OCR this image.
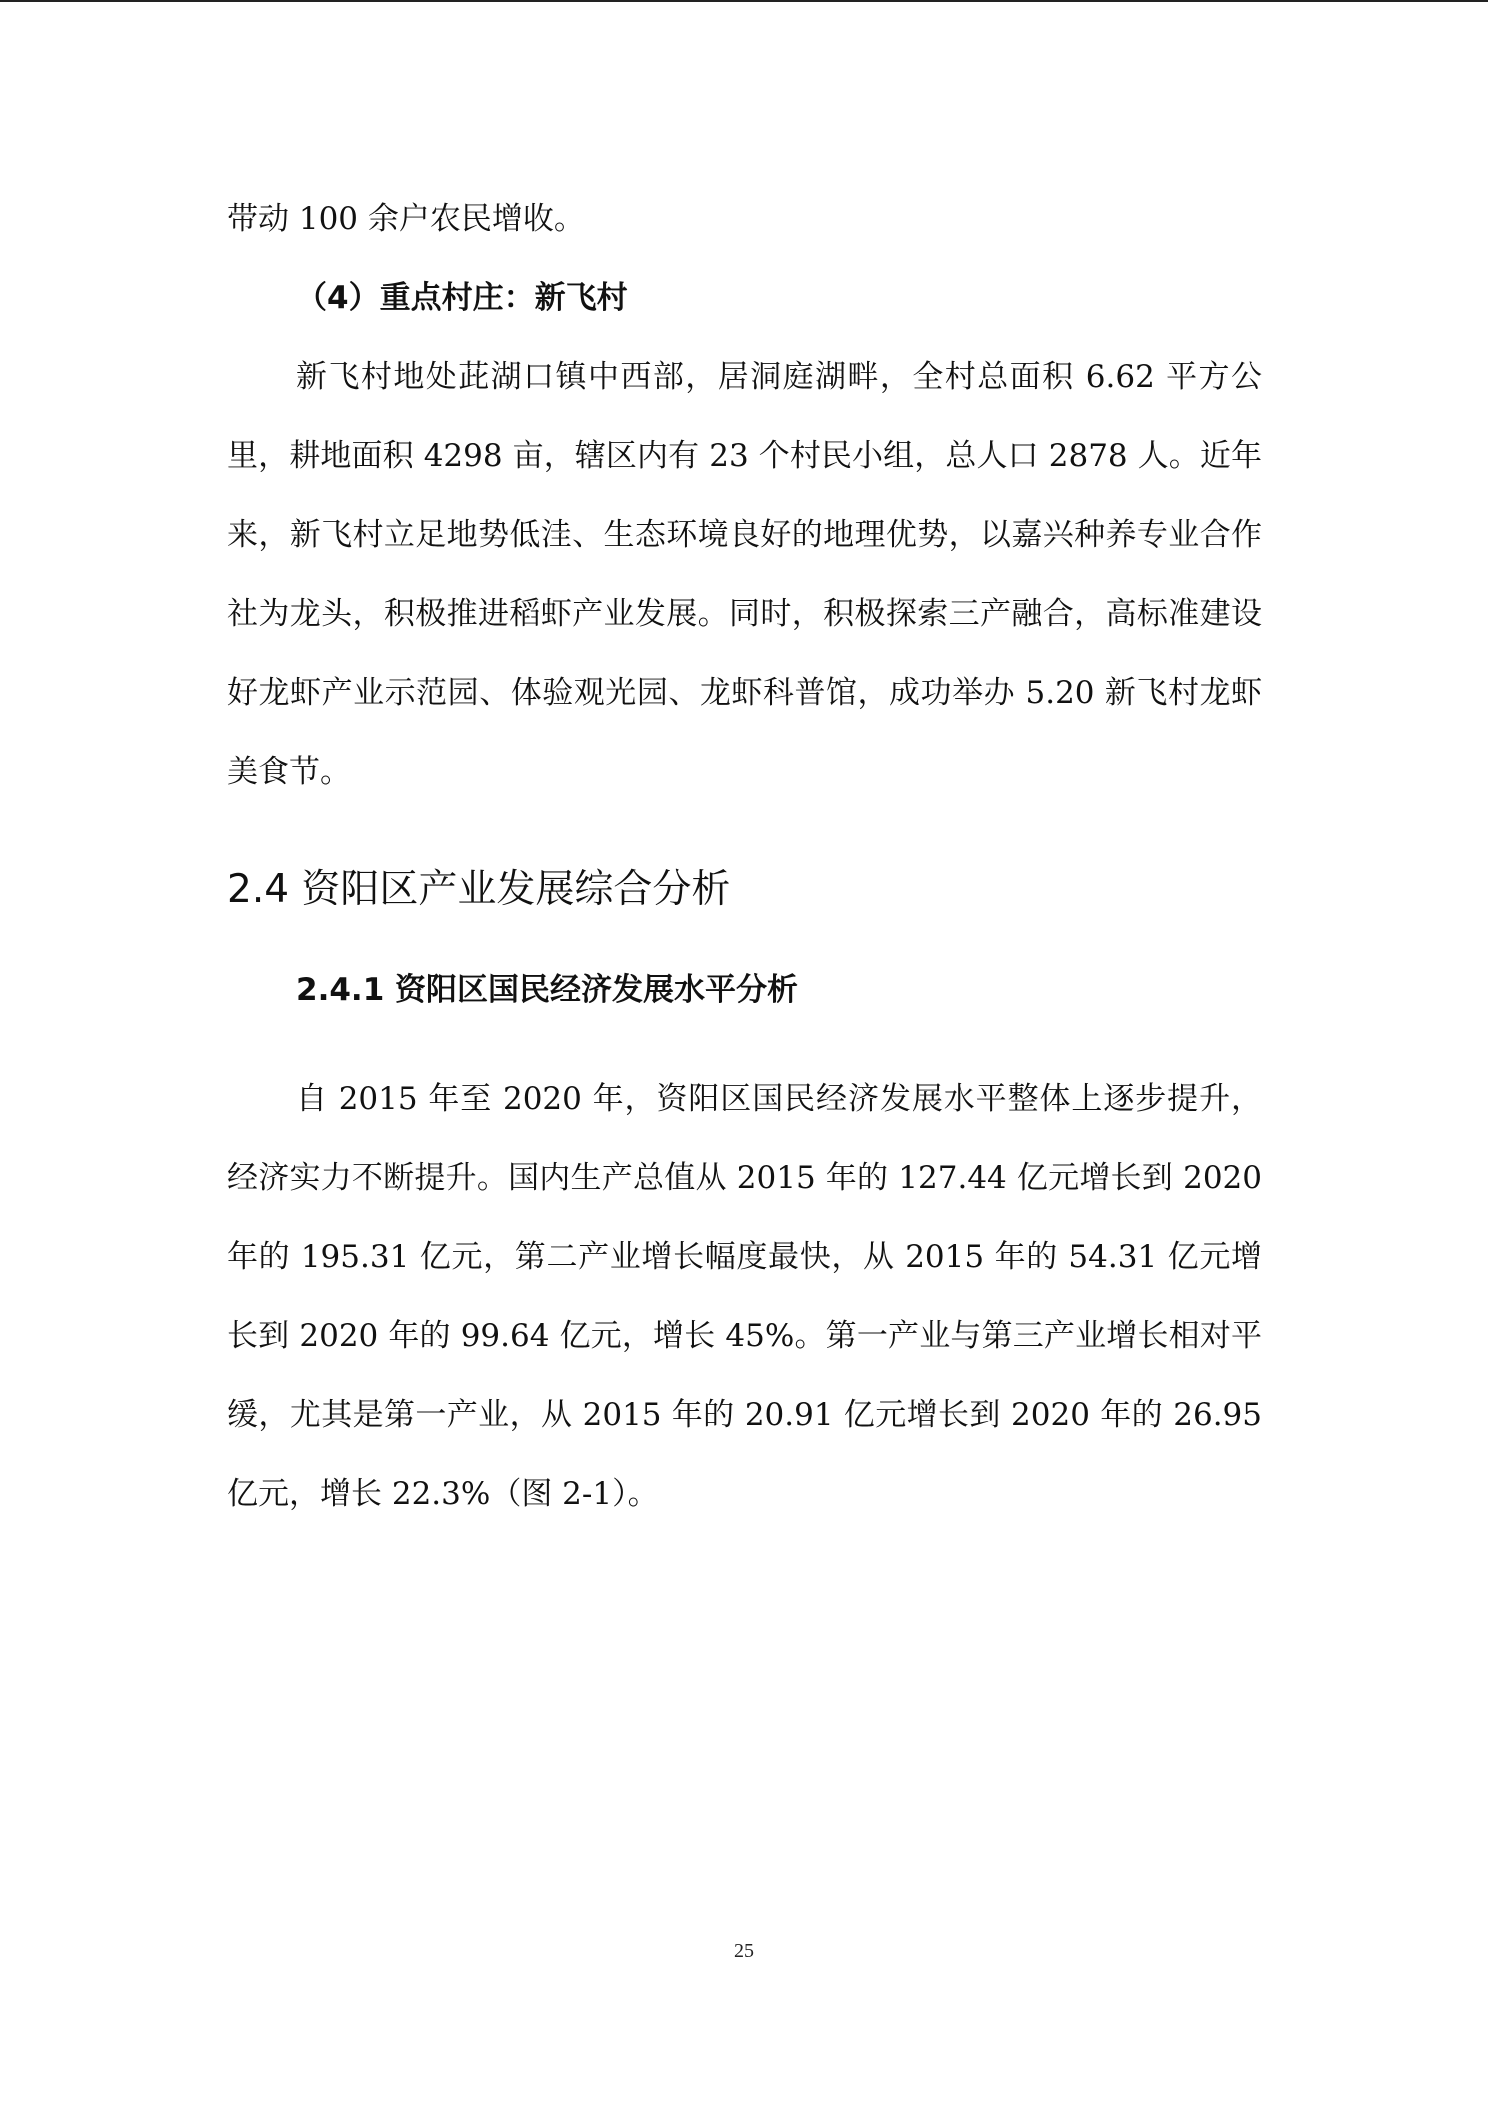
带动 100 余户农民增收。

（4）重点村庄：新飞村

新飞村地处茈湖口镇中西部，居洞庭湖畔，全村总面积 6.62 平方公里，耕地面积 4298 亩，辖区内有 23 个村民小组，总人口 2878 人。近年来，新飞村立足地势低洼、生态环境良好的地理优势，以嘉兴种养专业合作社为龙头，积极推进稻虾产业发展。同时，积极探索三产融合，高标准建设好龙虾产业示范园、体验观光园、龙虾科普馆，成功举办 5.20 新飞村龙虾美食节。

2.4 资阳区产业发展综合分析
2.4.1 资阳区国民经济发展水平分析

自 2015 年至 2020 年，资阳区国民经济发展水平整体上逐步提升，经济实力不断提升。国内生产总值从 2015 年的 127.44 亿元增长到 2020 年的 195.31 亿元，第二产业增长幅度最快，从 2015 年的 54.31 亿元增长到 2020 年的 99.64 亿元，增长 45%。第一产业与第三产业增长相对平缓，尤其是第一产业，从 2015 年的 20.91 亿元增长到 2020 年的 26.95 亿元，增长 22.3%（图 2-1）。

25
